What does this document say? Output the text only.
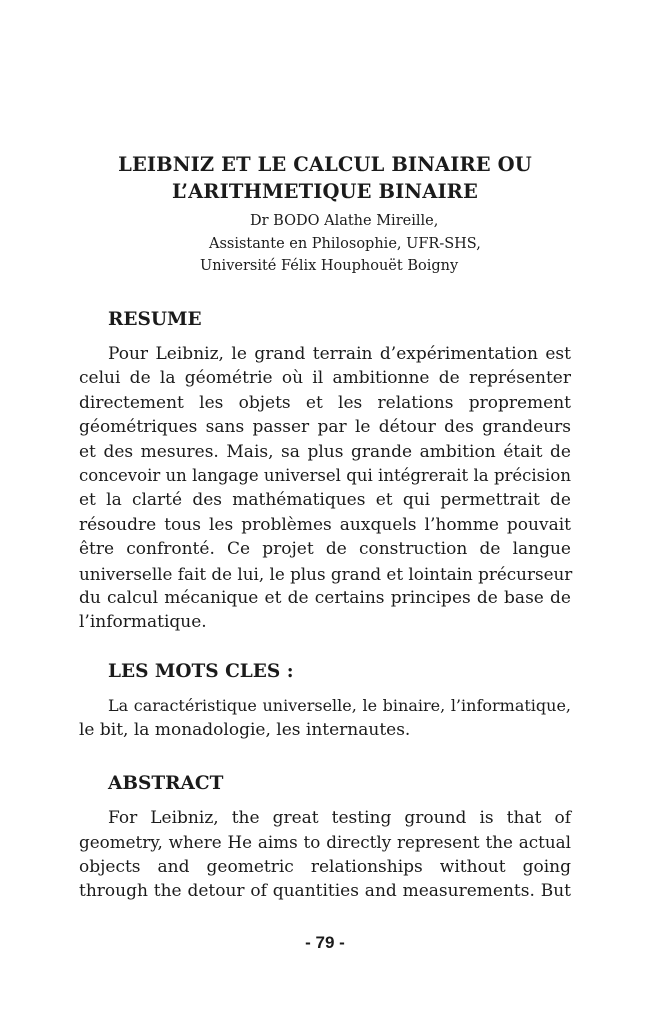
LEIBNIZ ET LE CALCUL BINAIRE OU
L’ARITHMETIQUE BINAIRE
Dr BODO Alathe Mireille,
Assistante en Philosophie, UFR-SHS,
Université Félix Houphouët Boigny
RESUME
Pour Leibniz, le grand terrain d’expérimentation est
celui de la géométrie où il ambitionne de représenter
directement les objets et les relations proprement
géométriques sans passer par le détour des grandeurs
et des mesures. Mais, sa plus grande ambition était de
concevoir un langage universel qui intégrerait la précision
et la clarté des mathématiques et qui permettrait de
résoudre tous les problèmes auxquels l’homme pouvait
être confronté. Ce projet de construction de langue
universelle fait de lui, le plus grand et lointain précurseur
du calcul mécanique et de certains principes de base de
l’informatique.
LES MOTS CLES :
La caractéristique universelle, le binaire, l’informatique,
le bit, la monadologie, les internautes.
ABSTRACT
For Leibniz, the great testing ground is that of
geometry, where He aims to directly represent the actual
objects and geometric relationships without going
through the detour of quantities and measurements. But
- 79 -
